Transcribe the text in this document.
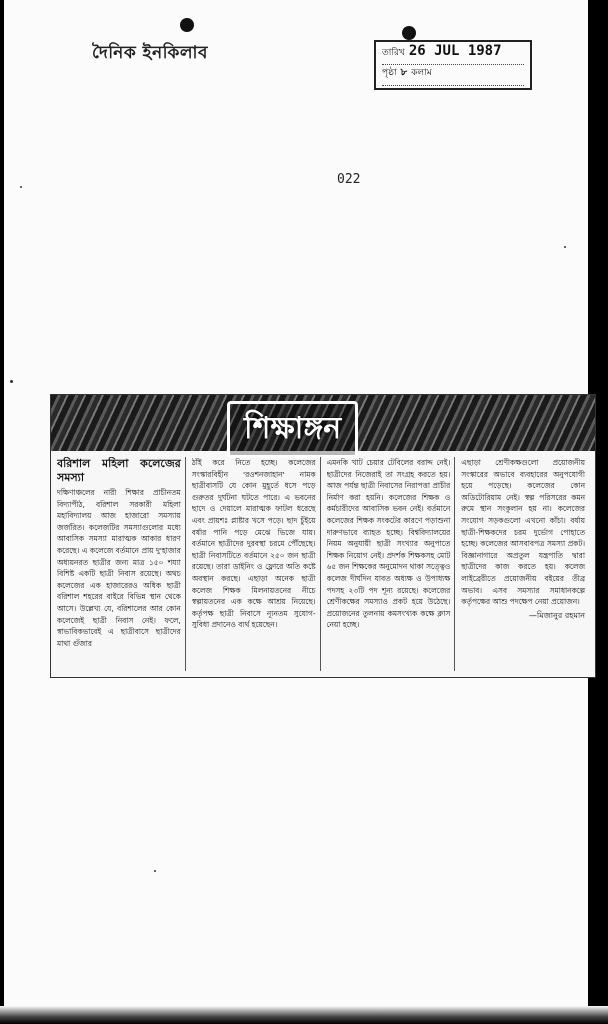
দৈনিক ইনকিলাব	তারিখ 26 JUL 1987
পৃষ্ঠা ৮ কলাম
022
শিক্ষাঙ্গন
বরিশাল মহিলা কলেজের সমস্যা
দক্ষিণাঞ্চলের নারী শিক্ষার প্রাচীনতম বিদ্যাপীঠ, বরিশাল সরকারী মহিলা মহাবিদ্যালয় আজ হাজারো সমস্যায় জর্জরিত। কলেজটির সমস্যাগুলোর মধ্যে আবাসিক সমস্যা মারাত্মক আকার ধারণ করেছে। এ কলেজে বর্তমানে প্রায় দু'হাজার অধ্যয়নরত ছাত্রীর জন্য মাত্র ১৫০ শয্যা বিশিষ্ট একটি ছাত্রী নিবাস রয়েছে। অথচ কলেজের এক হাজারেরও অধিক ছাত্রী বরিশাল শহরের বাইরে বিভিন্ন স্থান থেকে আসে। উল্লেখ্য যে, বরিশালের আর কোন কলেজেই ছাত্রী নিবাস নেই। ফলে, স্বাভাবিকভাবেই এ ছাত্রীবাসে ছাত্রীদের মাথা গুঁজার
ঠাঁই করে নিতে হচ্ছে। কলেজের সংস্কারবিহীন 'রওশনজাহান' নামক ছাত্রীবাসটি যে কোন মুহূর্তে ধসে পড়ে গুরুতর দুর্ঘটনা ঘটতে পারে। এ ভবনের ছাদে ও দেয়ালে মারাত্মক ফাটল ধরেছে এবং প্রায়শঃ প্লাষ্টার খসে পড়ে। ছাদ চুঁইয়ে বর্ষার পানি পড়ে মেঝে ভিজে যায়। বর্তমানে ছাত্রীদের দুরবস্থা চরমে পৌঁছেছে। ছাত্রী নিবাসটিতে বর্তমানে ২৫০ জন ছাত্রী রয়েছে। তারা ডাইনিং ও ফ্লোরে অতি কষ্টে অবস্থান করছে। এছাড়া অনেক ছাত্রী কলেজ শিক্ষক মিলনায়তনের নীচে স্বল্পায়তনের এক কক্ষে আশ্রয় নিয়েছে। কর্তৃপক্ষ ছাত্রী নিবাসে ন্যূনতম সুযোগ-সুবিধা প্রদানেও ব্যর্থ হয়েছেন।
এমনকি খাট চেয়ার টেবিলের বরাদ্দ নেই। ছাত্রীদের নিজেরাই তা সংগ্রহ করতে হয়। আজ পর্যন্ত ছাত্রী নিবাসের নিরাপত্তা প্রাচীর নির্মাণ করা হয়নি। কলেজের শিক্ষক ও কর্মচারীদের আবাসিক ভবন নেই। বর্তমানে কলেজের শিক্ষক সংকটের কারণে পড়াশুনা দারুণভাবে ব্যাহত হচ্ছে। বিশ্ববিদ্যালয়ের নিয়ম অনুযায়ী ছাত্রী সংখ্যার অনুপাতে শিক্ষক নিয়োগ নেই। প্রদর্শক শিক্ষকসহ মোট ৬৫ জন শিক্ষকের অনুমোদন থাকা সত্ত্বেও কলেজ দীর্ঘদিন যাবত অধ্যক্ষ ও উপাধ্যক্ষ পদসহ ২৩টি পদ শূন্য রয়েছে। কলেজের শ্রেণীকক্ষের সমস্যাও প্রকট হয়ে উঠেছে। প্রয়োজনের তুলনায় কমসংখ্যক কক্ষে ক্লাস নেয়া হচ্ছে।
এছাড়া শ্রেণীকক্ষগুলো প্রয়োজনীয় সংস্কারের অভাবে ব্যবহারের অনুপযোগী হয়ে পড়েছে। কলেজের কোন অডিটোরিয়াম নেই। স্বল্প পরিসরের কমন রুমে স্থান সংকুলান হয় না। কলেজের সংযোগ সড়কগুলো এখনো কাঁচা। বর্ষায় ছাত্রী-শিক্ষকদের চরম দুর্ভোগ পোহাতে হচ্ছে। কলেজের আসবাবপত্র সমস্যা প্রকট। বিজ্ঞানাগারে অপ্রতুল যন্ত্রপাতি দ্বারা ছাত্রীদের কাজ করতে হয়। কলেজ লাইব্রেরীতে প্রয়োজনীয় বইয়ের তীব্র অভাব। এসব সমস্যার সমাধানকল্পে কর্তৃপক্ষের আশু পদক্ষেপ নেয়া প্রয়োজন।
—মিজানুর রহমান
